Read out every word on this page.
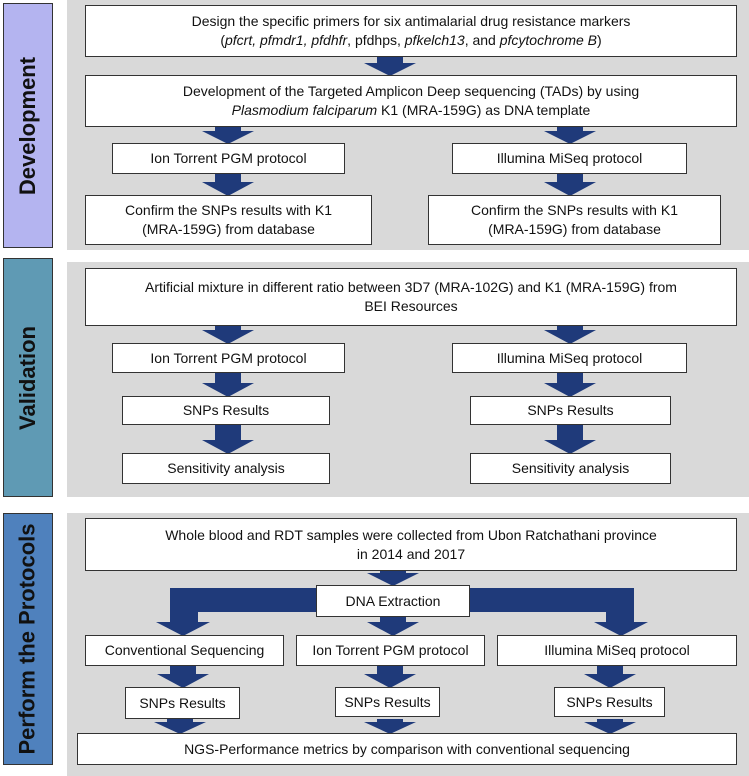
Development
Validation
Perform the Protocols
Design the specific primers for six antimalarial drug resistance markers
(pfcrt, pfmdr1, pfdhfr, pfdhps, pfkelch13, and pfcytochrome B)
Development of the Targeted Amplicon Deep sequencing (TADs) by using
Plasmodium falciparum K1 (MRA-159G) as DNA template
Ion Torrent PGM protocol	Illumina MiSeq protocol
Confirm the SNPs results with K1
(MRA-159G) from database
Confirm the SNPs results with K1
(MRA-159G) from database
Artificial mixture in different ratio between 3D7 (MRA-102G) and K1 (MRA-159G) from
BEI Resources
Ion Torrent PGM protocol	Illumina MiSeq protocol
SNPs Results	SNPs Results
Sensitivity analysis	Sensitivity analysis
Whole blood and RDT samples were collected from Ubon Ratchathani province
in 2014 and 2017
DNA Extraction
Conventional Sequencing	Ion Torrent PGM protocol	Illumina MiSeq protocol
SNPs Results	SNPs Results	SNPs Results
NGS-Performance metrics by comparison with conventional sequencing
